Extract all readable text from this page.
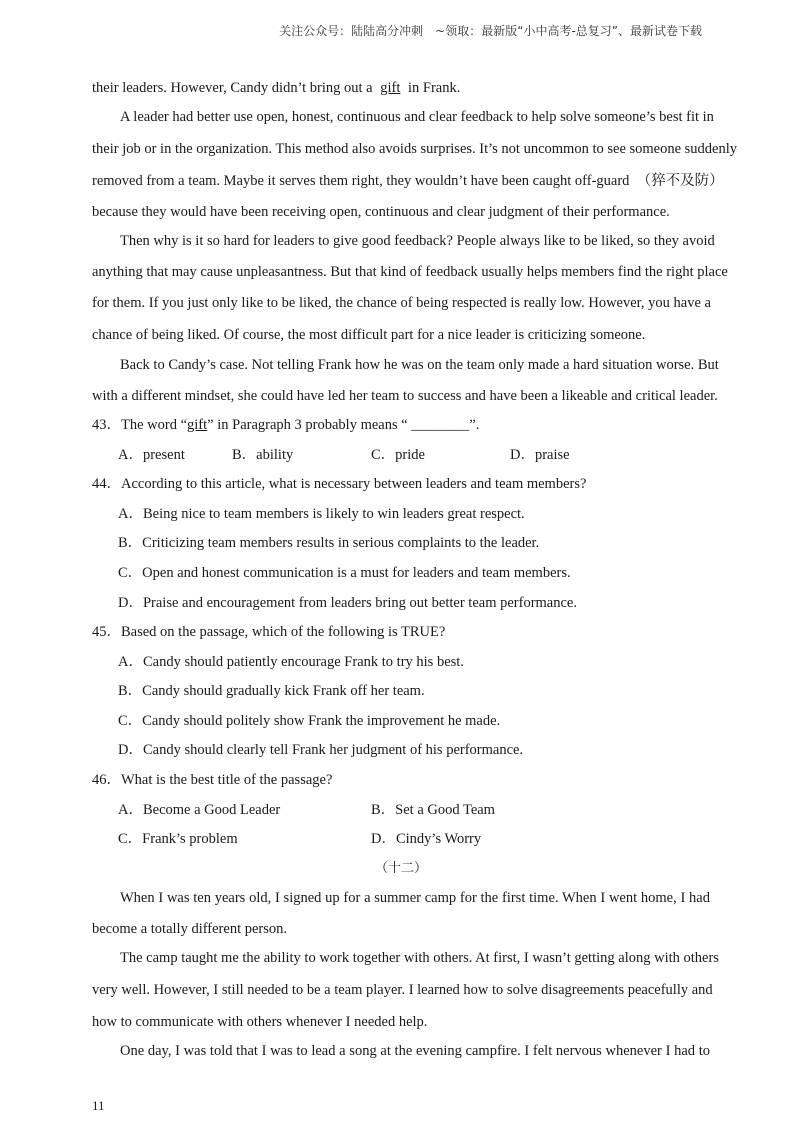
关注公众号：陆陆高分冲刺　~领取：最新版“小中高考-总复习”、最新试卷下载
their leaders. However, Candy didn’t bring out a gift in Frank.
A leader had better use open, honest, continuous and clear feedback to help solve someone’s best fit in
their job or in the organization. This method also avoids surprises. It’s not uncommon to see someone suddenly
removed from a team. Maybe it serves them right, they wouldn’t have been caught off-guard　（猝不及防）
because they would have been receiving open, continuous and clear judgment of their performance.
Then why is it so hard for leaders to give good feedback? People always like to be liked, so they avoid
anything that may cause unpleasantness. But that kind of feedback usually helps members find the right place
for them. If you just only like to be liked, the chance of being respected is really low. However, you have a
chance of being liked. Of course, the most difficult part for a nice leader is criticizing someone.
Back to Candy’s case. Not telling Frank how he was on the team only made a hard situation worse. But
with a different mindset, she could have led her team to success and have been a likeable and critical leader.
43．The word “gift” in Paragraph 3 probably means “ ________”.
A．present	B．ability	C．pride	D．praise
44．According to this article, what is necessary between leaders and team members?
A．Being nice to team members is likely to win leaders great respect.
B．Criticizing team members results in serious complaints to the leader.
C．Open and honest communication is a must for leaders and team members.
D．Praise and encouragement from leaders bring out better team performance.
45．Based on the passage, which of the following is TRUE?
A．Candy should patiently encourage Frank to try his best.
B．Candy should gradually kick Frank off her team.
C．Candy should politely show Frank the improvement he made.
D．Candy should clearly tell Frank her judgment of his performance.
46．What is the best title of the passage?
A．Become a Good Leader	B．Set a Good Team
C．Frank’s problem	D．Cindy’s Worry
（十二）
When I was ten years old, I signed up for a summer camp for the first time. When I went home, I had
become a totally different person.
The camp taught me the ability to work together with others. At first, I wasn’t getting along with others
very well. However, I still needed to be a team player. I learned how to solve disagreements peacefully and
how to communicate with others whenever I needed help.
One day, I was told that I was to lead a song at the evening campfire. I felt nervous whenever I had to
11
